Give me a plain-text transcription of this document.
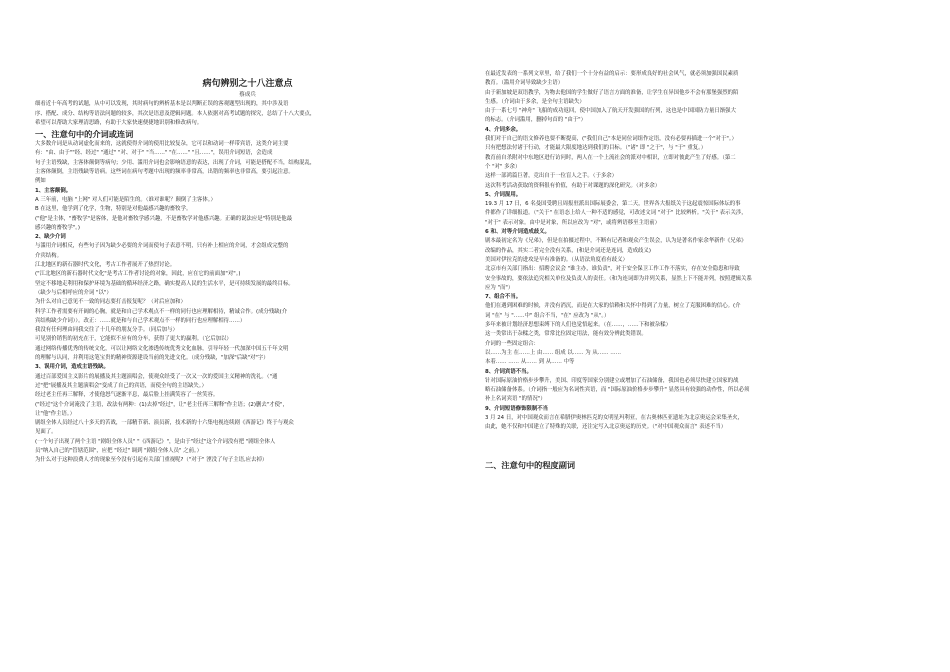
病句辨别之十八注意点

蔡成兵

细看近十年高考的试题，从中可以发现，其时病句的辨析基本是以判断正误的客观题型出现的，其中涉及语

序、搭配、成分、结构等语法问题的较多，其次是语意及逻辑问题。本人依据对高考试题的探究，总结了十八大要点，

希望可以帮助大家理清思路，有助于大家快速便捷地识别和修改病句。

一、注意句中的介词或连词

大多数介词是从动词虚化而来的，这就使得介词的使用比较复杂，它可以和动词一样带宾语，这类介词主要

有："由、由于""经、经过" "通过" "对、对于" "当……" "在……" "且……"，误用介词短语，会造成

句子主语残缺，主客体颠倒等病句；少用、滥用介词也会影响语意的表达，出现了介词，可能是搭配不当，结构混乱，

主客体颠倒，主语残缺等语病。这些词在病句考题中出现的频率非常高，出错的频率也非常高，要引起注意。

例如

1、主客颠倒。

A 三年前，电脑 "上网" 对人们可能是陌生的。（谁对谁呢？颠倒了主客体。）

B 在这里，他学到了化学，生物，特别是对他最感兴趣的畜牧学。

("他"是主体，"畜牧学"是客体，是他对畜牧学感兴趣，不是畜牧学对他感兴趣。正确的说法应是"特别是他最

感兴趣的畜牧学"。)

2、缺少介词

与滥用介词相反，有些句子因为缺少必要的介词而使句子表意不明，只有补上相应的介词，才会组成完整的

介宾结构。

江北地区的新石器时代文化，考古工作者展开了热烈讨论。

("江北地区的新石器时代文化"是考古工作者讨论的对象，因此，应在它的前面加"对"。)

坚定不移地走利用和保护环境为基础的循环经济之路，确实提高人民的生活水平，是可持续发展的最终目标。

（缺少与后相呼应的介词 "以"）

为什么对自己意见不一致的同志要打击报复呢？（对后应加和）

科学工作者需要有开阔的心胸，就是和自己学术观点不一样的同行也应理解相待，精诚合作。(成分残缺(介

宾结构缺少介词））。改正：……就是和与自己学术观点不一样的同行也应理解相待……）

我没有任何理由同我交往了十几年的朋友分手。（同后加与）

可见别价销售的初充在于，它能似不应有的分车，获得了更大的赢利。（它后加以）

通过网络传播优秀的传统文化，可以让网络文化渗透传统优秀文化血脉，引导年轻一代加深中国五千年文明

的理解与认同，并利用这笔宝贵的精神资源建设当前的先进文化。（成分残缺，"加深"后缺"对"字）

3、误用介词，造成主语残缺。

通过百部爱国主义影片的展播及其主题演唱会，使观众经受了一次又一次的爱国主义精神的洗礼。（"通

过"把"展播及其主题演唱会"变成了自己的宾语，而使全句的主语缺失。）

经过老主任再三解释，才使他怒气逐渐平息，最后脸上挂满笑容了一丝笑容。

("经过"这个介词淹没了主语，改法有两种：(1)去掉"经过"，让"老主任再三解释"作主语；(2)删去"才使"，

让"他"作主语。）

剧组全体人员经过八十多天的苦战，一部精节新、演员新，技术新的十六集电视连续剧《西游记》终于与观众

见面了。

(一个句子出现了两个主语 "剧组全体人员" "《西游记》"，是由于"经过"这个介词没有把 "剧组全体人

员"纳入自己的"管辖范围"，应把 "经过" 调到 "剧组全体人员" 之前。）

为什么对于这种浪费人才的现象至今没有引起有关部门重视呢?（"对于" 湮没了句子主语,应去掉）

在最近发表的一系列文章里，给了我们一个十分有益的启示：要形成良好的社会风气，就必须加强国民素质

教育。（滥用介词导致缺少主语）

由于新加坡是双语教学，为物去他国的学生做好了语言方面的准备，让学生在异国他乡不会有那堡强烈的陌

生感。（介词由于多余，是全句主语缺失）

由于一系七号 "神舟" 飞船的成功返回，使中国加入了航天开发强国的行列，这也是中国国防力量日渐强大

的标志。（介词滥用，删掉句首的 "由于"）

4、介词多余。

我们对于自己的语文修养也要不断提高，("我们自己"本是同位词组作定语，没有必要再插进一个"对于"。）

只有把想法付诸于行动，才能最大限度地达到我们的目标。（"诸" 即 "之于"，与 "于" 重复。）

教育前自杀附对中东地区进行访问时，两人在一个上流社会的派对中相识，立即对彼此产生了好感。（第二

个 "对" 多余）

这样一部鸿篇巨著，竞出自于一位盲人之手。（于多余）

这次科考活动获取的资料很有价值，有助于对课题的深化研究。（对多余）

5、介词混用。

19.3 月 17 日，6 名曼国受聘且周报驻派出国际展委会，第二天，世界各大报纸关于这起震惊国际体坛的事

件都作了详细报道。（"关于" 在语态上给人一种不适的感觉，可改述文词 "对于" 比较辨析。"关于" 表示关涉，

"对于" 表示对象。由中是对象，所以应改为 "对"，或将辨语移至主语前）

6 和、对等介词造成歧义。

剧本最初定名为《兄弟》，但是在拍摄过程中，不断有记者和观众产生误会，认为是著名作家余华新作《兄弟》

改编的作品，其实二者完全没有关系，(和是介词还是连词，造成歧义)

美国对伊拉克的进攻是早有准备的。（从语法角度看有歧义）

北京市有关部门指出：招聘会议会 "谁主办，谁负责"，对于安全保卫工作工作不落实，存在安全隐患和导致

安全事故的，要依法追究相关单位及负责人的责任。（和为连词即为并列关系，显然上下不能并列，按照逻辑关系

应为 "而"）

7、组合不当。

他们在遇到困难的时候，并没有消沉，而是在大家的信赖和关怀中得到了力量，树立了克服困难的信心。(介

词 "在" 与 "……中" 组合不当，"在" 应改为 "从"。）

多年来被计划经济思想束缚下的人们也觉悟起来。（在……，……下和被杂糅）

这一类常出于杂糅之类，常常比位固定用法，能有效分辨此类错误。

介词的一些固定组合：

以……为主 在……上 由…… 组成 以…… 为 从…… ……

本着…… …… 从…… 到 从…… 中等

8、介词宾语不当。

针对国际原油价格步步攀升，美国、印度等国家分别建立或增加了石油储备，我国也必须尽快建立国家的战

略石油储备体系。（介词指一般应为名词性宾语，而 "国际原油价格步步攀升" 显然具有较强的动作性，所以必须

补上名词宾语 "的情况"）

9、介词短语修饰限制不当

3 月 24 日，对中国观众而言在希腊伊奥林匹克的女明星玛利亚，在古奥林匹亚遗址为北京奥运会采集圣火，

由此，她不仅和中国建立了特殊的关联，还注定写入北京奥运的历史。（"对中国观众而言" 表述不当）

二、注意句中的程度副词
